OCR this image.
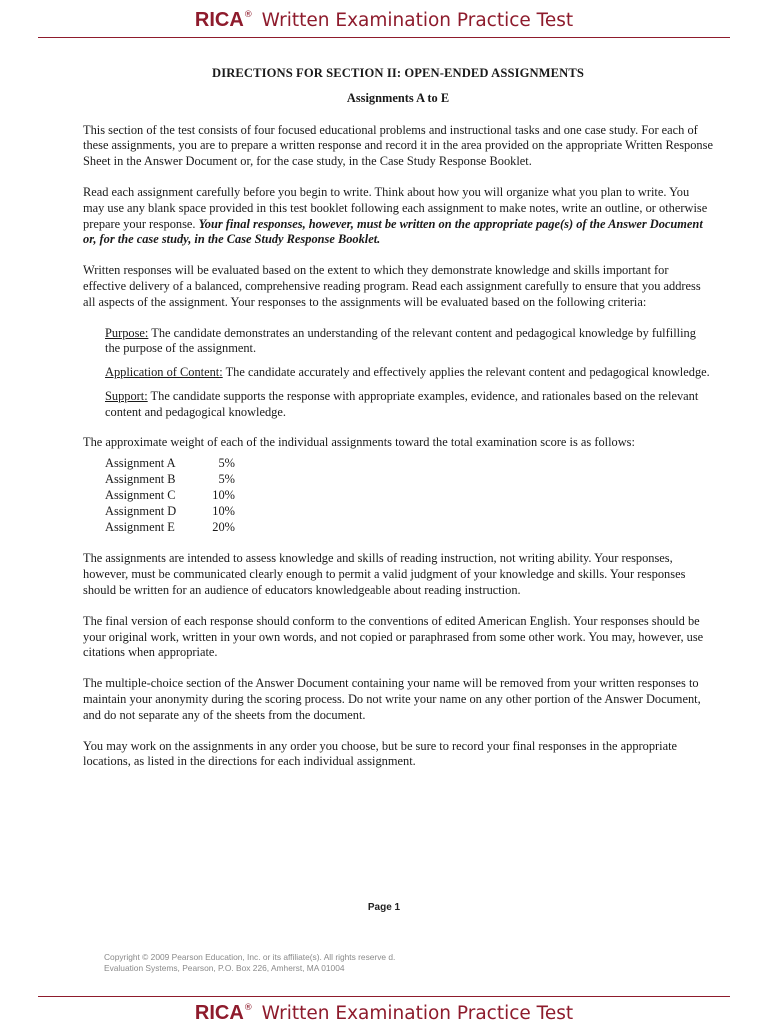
RICA® Written Examination Practice Test
DIRECTIONS FOR SECTION II: OPEN-ENDED ASSIGNMENTS
Assignments A to E

This section of the test consists of four focused educational problems and instructional tasks and one case study. For each of these assignments, you are to prepare a written response and record it in the area provided on the appropriate Written Response Sheet in the Answer Document or, for the case study, in the Case Study Response Booklet.

Read each assignment carefully before you begin to write. Think about how you will organize what you plan to write. You may use any blank space provided in this test booklet following each assignment to make notes, write an outline, or otherwise prepare your response. Your final responses, however, must be written on the appropriate page(s) of the Answer Document or, for the case study, in the Case Study Response Booklet.

Written responses will be evaluated based on the extent to which they demonstrate knowledge and skills important for effective delivery of a balanced, comprehensive reading program. Read each assignment carefully to ensure that you address all aspects of the assignment. Your responses to the assignments will be evaluated based on the following criteria:

Purpose: The candidate demonstrates an understanding of the relevant content and pedagogical knowledge by fulfilling the purpose of the assignment.
Application of Content: The candidate accurately and effectively applies the relevant content and pedagogical knowledge.
Support: The candidate supports the response with appropriate examples, evidence, and rationales based on the relevant content and pedagogical knowledge.

The approximate weight of each of the individual assignments toward the total examination score is as follows:

Assignment A	5%
Assignment B	5%
Assignment C	10%
Assignment D	10%
Assignment E	20%

The assignments are intended to assess knowledge and skills of reading instruction, not writing ability. Your responses, however, must be communicated clearly enough to permit a valid judgment of your knowledge and skills. Your responses should be written for an audience of educators knowledgeable about reading instruction.

The final version of each response should conform to the conventions of edited American English. Your responses should be your original work, written in your own words, and not copied or paraphrased from some other work. You may, however, use citations when appropriate.

The multiple-choice section of the Answer Document containing your name will be removed from your written responses to maintain your anonymity during the scoring process. Do not write your name on any other portion of the Answer Document, and do not separate any of the sheets from the document.

You may work on the assignments in any order you choose, but be sure to record your final responses in the appropriate locations, as listed in the directions for each individual assignment.

Page 1
Copyright © 2009 Pearson Education, Inc. or its affiliate(s). All rights reserve d.
Evaluation Systems, Pearson, P.O. Box 226, Amherst, MA 01004
RICA® Written Examination Practice Test
